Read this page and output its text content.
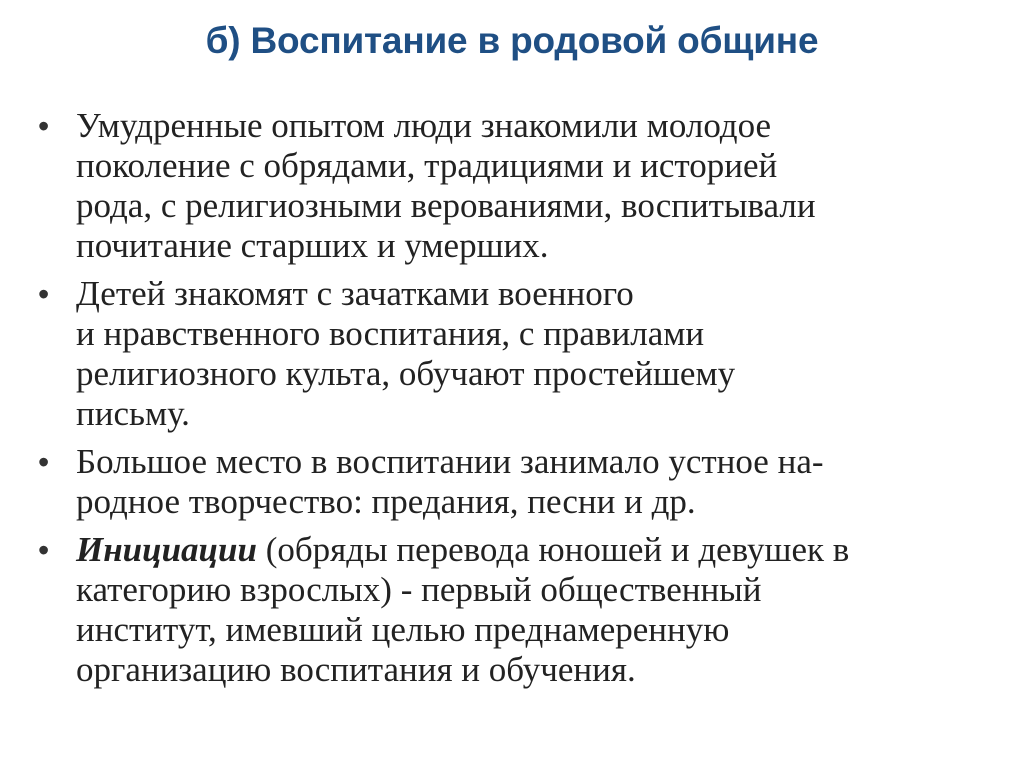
б) Воспитание в родовой общине
• Умудренные опытом люди знакомили молодое
поколение с обрядами, традициями и историей
рода, с религиозными верованиями, воспитывали
почитание старших и умерших.
• Детей знакомят с зачатками военного
и нравственного воспитания, с правилами
религиозного культа, обучают простейшему
письму.
• Большое место в воспитании занимало устное на-
родное творчество: предания, песни и др.
• Инициации (обряды перевода юношей и девушек в
категорию взрослых) - первый общественный
институт, имевший целью преднамеренную
организацию воспитания и обучения.
